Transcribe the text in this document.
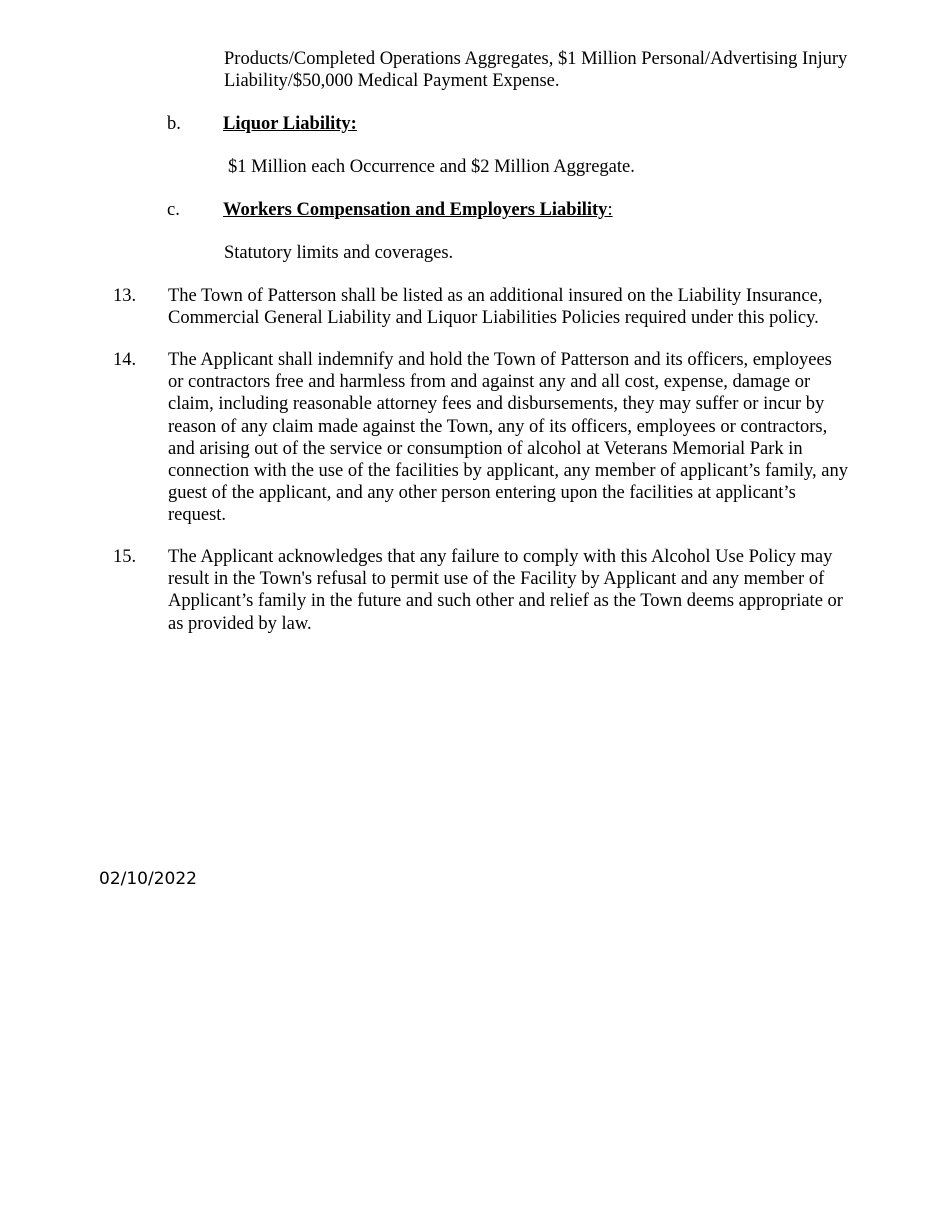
Products/Completed Operations Aggregates, $1 Million Personal/Advertising Injury Liability/$50,000 Medical Payment Expense.
b. Liquor Liability:
$1 Million each Occurrence and $2 Million Aggregate.
c. Workers Compensation and Employers Liability:
Statutory limits and coverages.
13. The Town of Patterson shall be listed as an additional insured on the Liability Insurance, Commercial General Liability and Liquor Liabilities Policies required under this policy.
14. The Applicant shall indemnify and hold the Town of Patterson and its officers, employees or contractors free and harmless from and against any and all cost, expense, damage or claim, including reasonable attorney fees and disbursements, they may suffer or incur by reason of any claim made against the Town, any of its officers, employees or contractors, and arising out of the service or consumption of alcohol at Veterans Memorial Park in connection with the use of the facilities by applicant, any member of applicant’s family, any guest of the applicant, and any other person entering upon the facilities at applicant’s request.
15. The Applicant acknowledges that any failure to comply with this Alcohol Use Policy may result in the Town's refusal to permit use of the Facility by Applicant and any member of Applicant’s family in the future and such other and relief as the Town deems appropriate or as provided by law.
02/10/2022
